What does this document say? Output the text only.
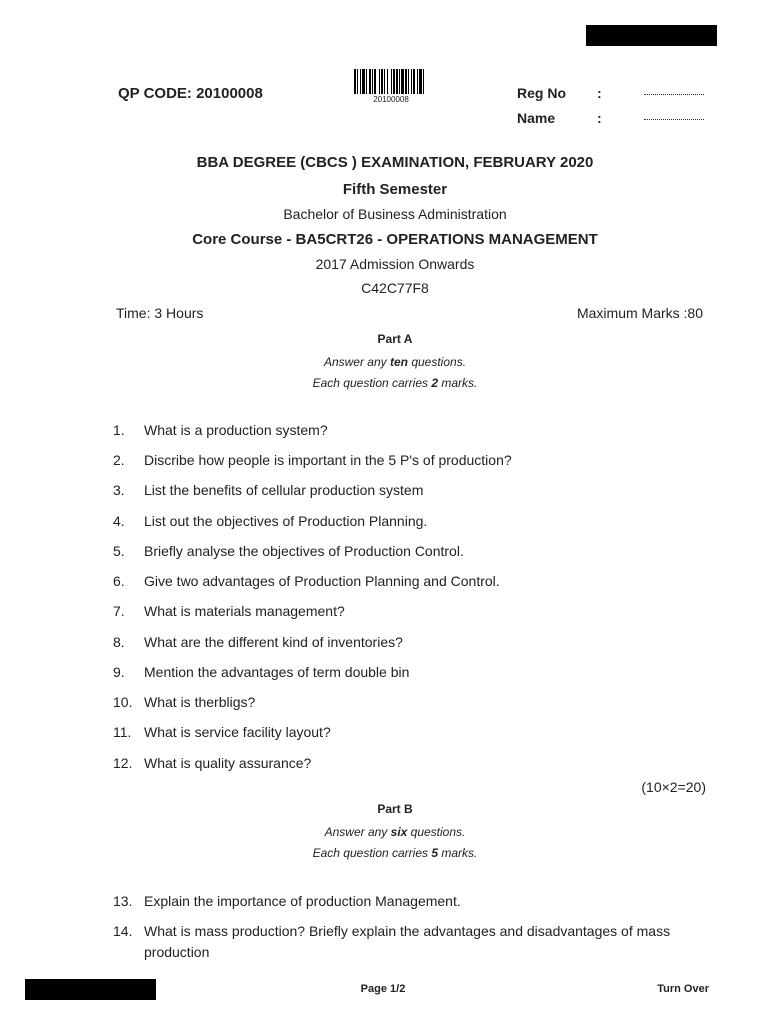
QP CODE: 20100008	20100008	Reg No :
Name	:
BBA DEGREE (CBCS ) EXAMINATION, FEBRUARY 2020
Fifth Semester
Bachelor of Business Administration
Core Course - BA5CRT26 - OPERATIONS MANAGEMENT
2017 Admission Onwards
C42C77F8
Time: 3 Hours	Maximum Marks :80
Part A
Answer any ten questions.
Each question carries 2 marks.
1. What is a production system?
2. Discribe how people is important in the 5 P's of production?
3. List the benefits of cellular production system
4. List out the objectives of Production Planning.
5. Briefly analyse the objectives of Production Control.
6. Give two advantages of Production Planning and Control.
7. What is materials management?
8. What are the different kind of inventories?
9. Mention the advantages of term double bin
10. What is therbligs?
11. What is service facility layout?
12. What is quality assurance?
(10×2=20)
Part B
Answer any six questions.
Each question carries 5 marks.
13. Explain the importance of production Management.
14. What is mass production? Briefly explain the advantages and disadvantages of mass production
Page 1/2	Turn Over
